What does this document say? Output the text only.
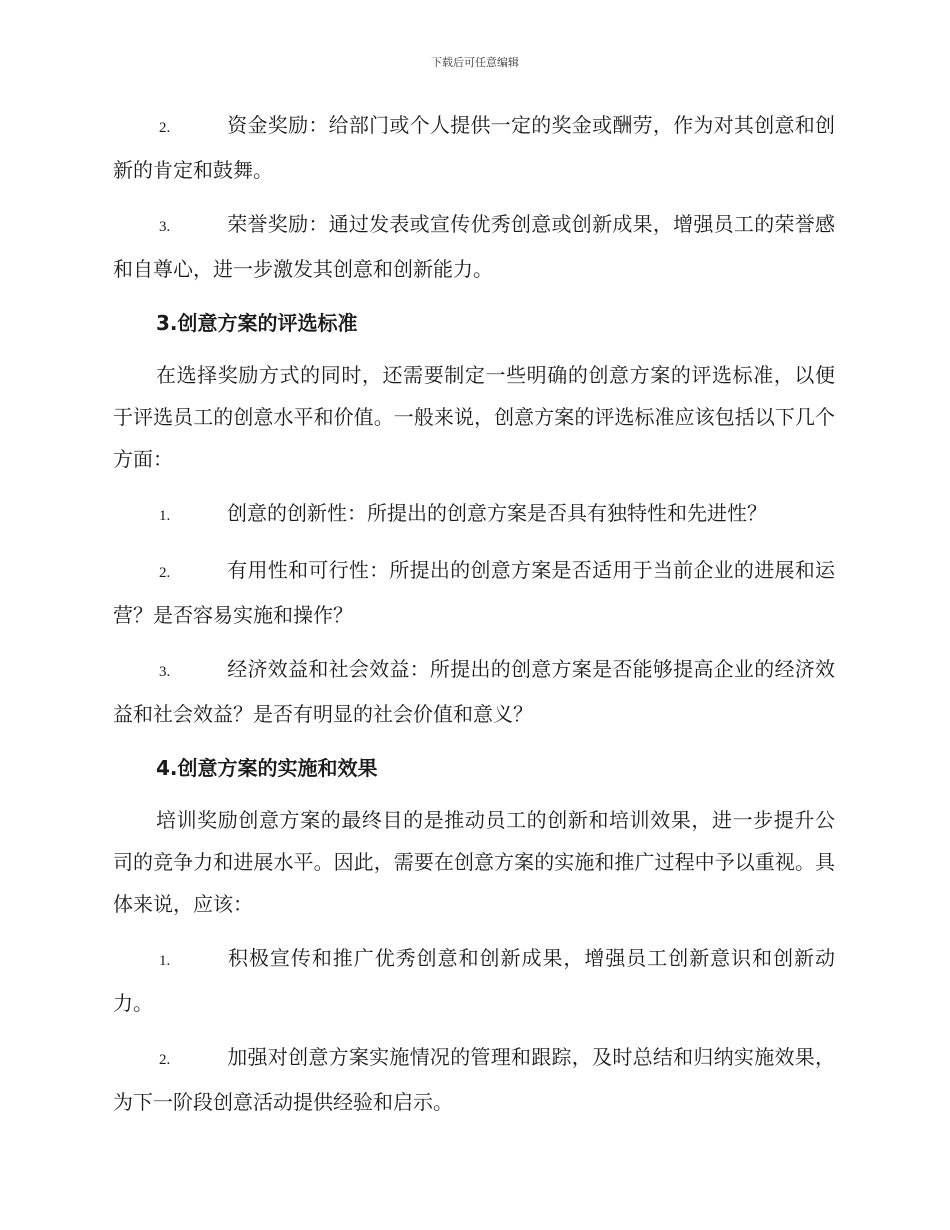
下载后可任意编辑

2.	资金奖励：给部门或个人提供一定的奖金或酬劳，作为对其创意和创新的肯定和鼓舞。

3.	荣誉奖励：通过发表或宣传优秀创意或创新成果，增强员工的荣誉感和自尊心，进一步激发其创意和创新能力。

3.创意方案的评选标准

在选择奖励方式的同时，还需要制定一些明确的创意方案的评选标准，以便于评选员工的创意水平和价值。一般来说，创意方案的评选标准应该包括以下几个方面：

1.	创意的创新性：所提出的创意方案是否具有独特性和先进性？

2.	有用性和可行性：所提出的创意方案是否适用于当前企业的进展和运营？是否容易实施和操作？

3.	经济效益和社会效益：所提出的创意方案是否能够提高企业的经济效益和社会效益？是否有明显的社会价值和意义？

4.创意方案的实施和效果

培训奖励创意方案的最终目的是推动员工的创新和培训效果，进一步提升公司的竞争力和进展水平。因此，需要在创意方案的实施和推广过程中予以重视。具体来说，应该：

1.	积极宣传和推广优秀创意和创新成果，增强员工创新意识和创新动力。

2.	加强对创意方案实施情况的管理和跟踪，及时总结和归纳实施效果，为下一阶段创意活动提供经验和启示。
